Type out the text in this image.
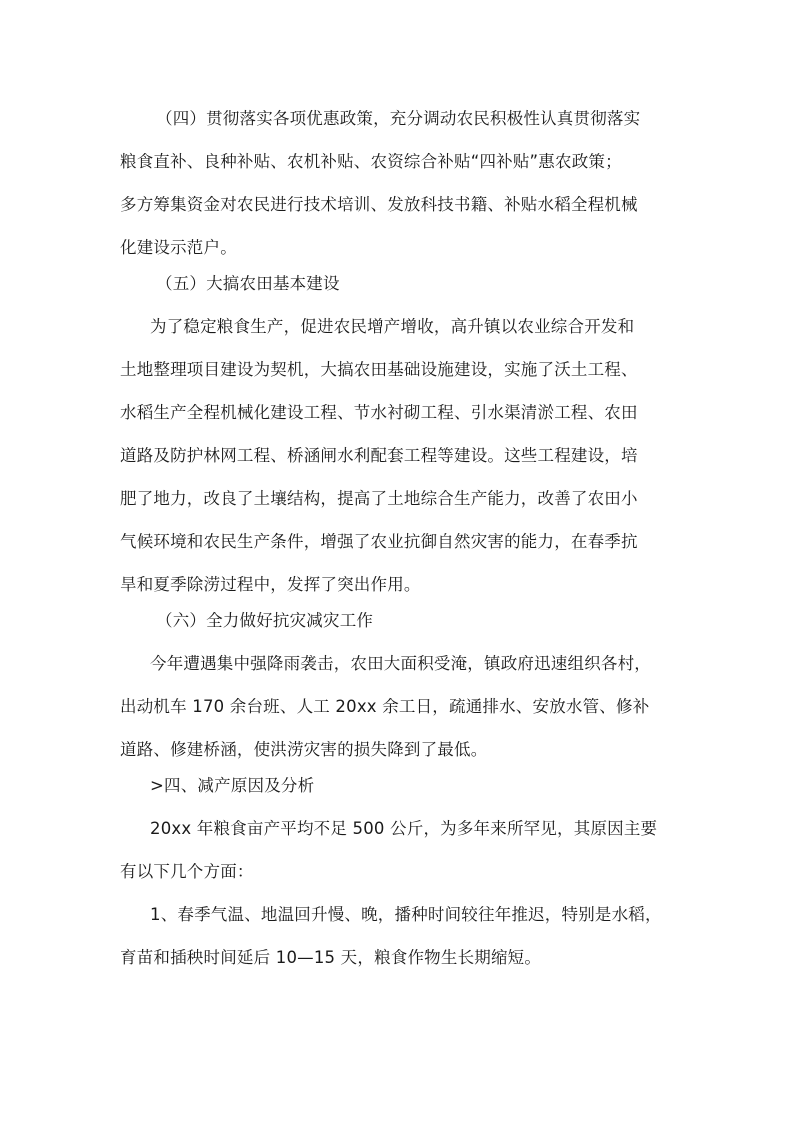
（四）贯彻落实各项优惠政策，充分调动农民积极性认真贯彻落实
粮食直补、良种补贴、农机补贴、农资综合补贴“四补贴”惠农政策；
多方筹集资金对农民进行技术培训、发放科技书籍、补贴水稻全程机械
化建设示范户。
（五）大搞农田基本建设
为了稳定粮食生产，促进农民增产增收，高升镇以农业综合开发和
土地整理项目建设为契机，大搞农田基础设施建设，实施了沃土工程、
水稻生产全程机械化建设工程、节水衬砌工程、引水渠清淤工程、农田
道路及防护林网工程、桥涵闸水利配套工程等建设。这些工程建设，培
肥了地力，改良了土壤结构，提高了土地综合生产能力，改善了农田小
气候环境和农民生产条件，增强了农业抗御自然灾害的能力，在春季抗
旱和夏季除涝过程中，发挥了突出作用。
（六）全力做好抗灾减灾工作
今年遭遇集中强降雨袭击，农田大面积受淹，镇政府迅速组织各村，
出动机车 170 余台班、人工 20xx 余工日，疏通排水、安放水管、修补
道路、修建桥涵，使洪涝灾害的损失降到了最低。
>四、减产原因及分析
20xx 年粮食亩产平均不足 500 公斤，为多年来所罕见，其原因主要
有以下几个方面：
1、春季气温、地温回升慢、晚，播种时间较往年推迟，特别是水稻，
育苗和插秧时间延后 10—15 天，粮食作物生长期缩短。
